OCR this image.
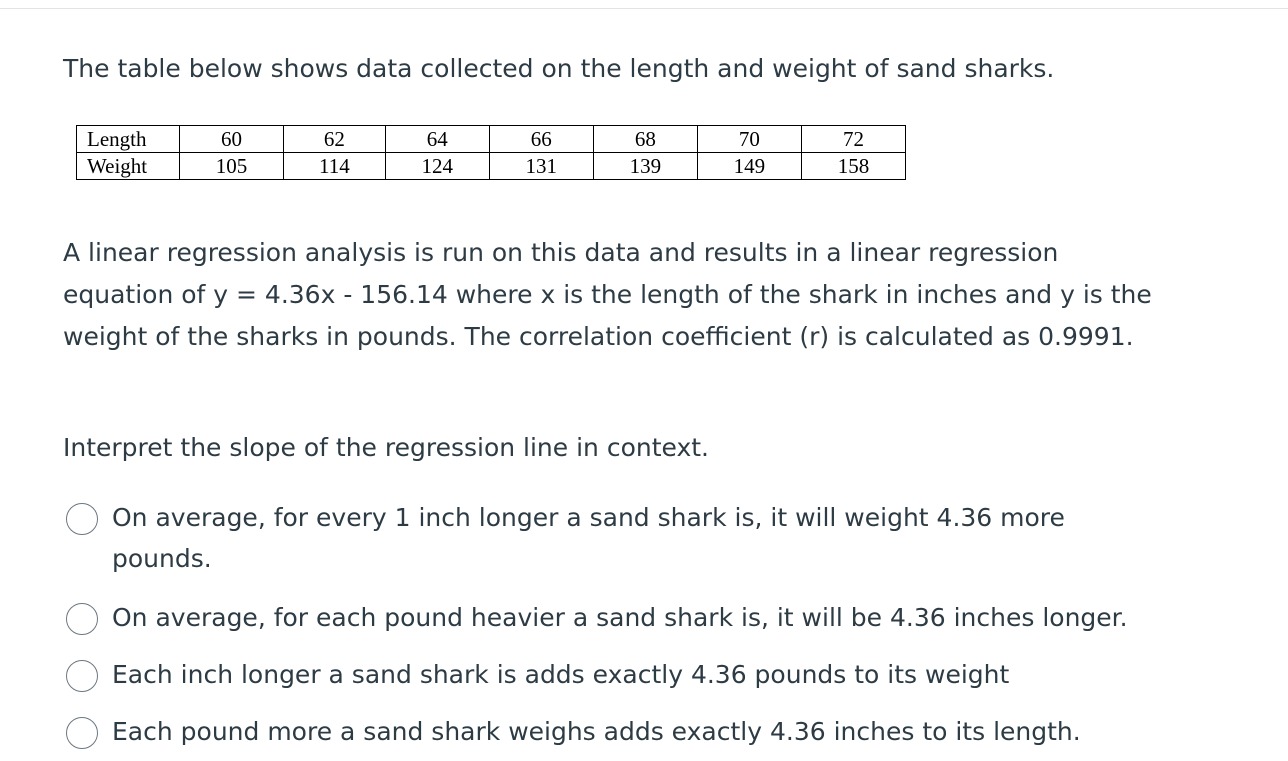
The table below shows data collected on the length and weight of sand sharks.

Length	60	62	64	66	68	70	72
Weight	105	114	124	131	139	149	158

A linear regression analysis is run on this data and results in a linear regression equation of y = 4.36x - 156.14 where x is the length of the shark in inches and y is the weight of the sharks in pounds. The correlation coefficient (r) is calculated as 0.9991.

Interpret the slope of the regression line in context.

On average, for every 1 inch longer a sand shark is, it will weight 4.36 more pounds.
On average, for each pound heavier a sand shark is, it will be 4.36 inches longer.
Each inch longer a sand shark is adds exactly 4.36 pounds to its weight
Each pound more a sand shark weighs adds exactly 4.36 inches to its length.
